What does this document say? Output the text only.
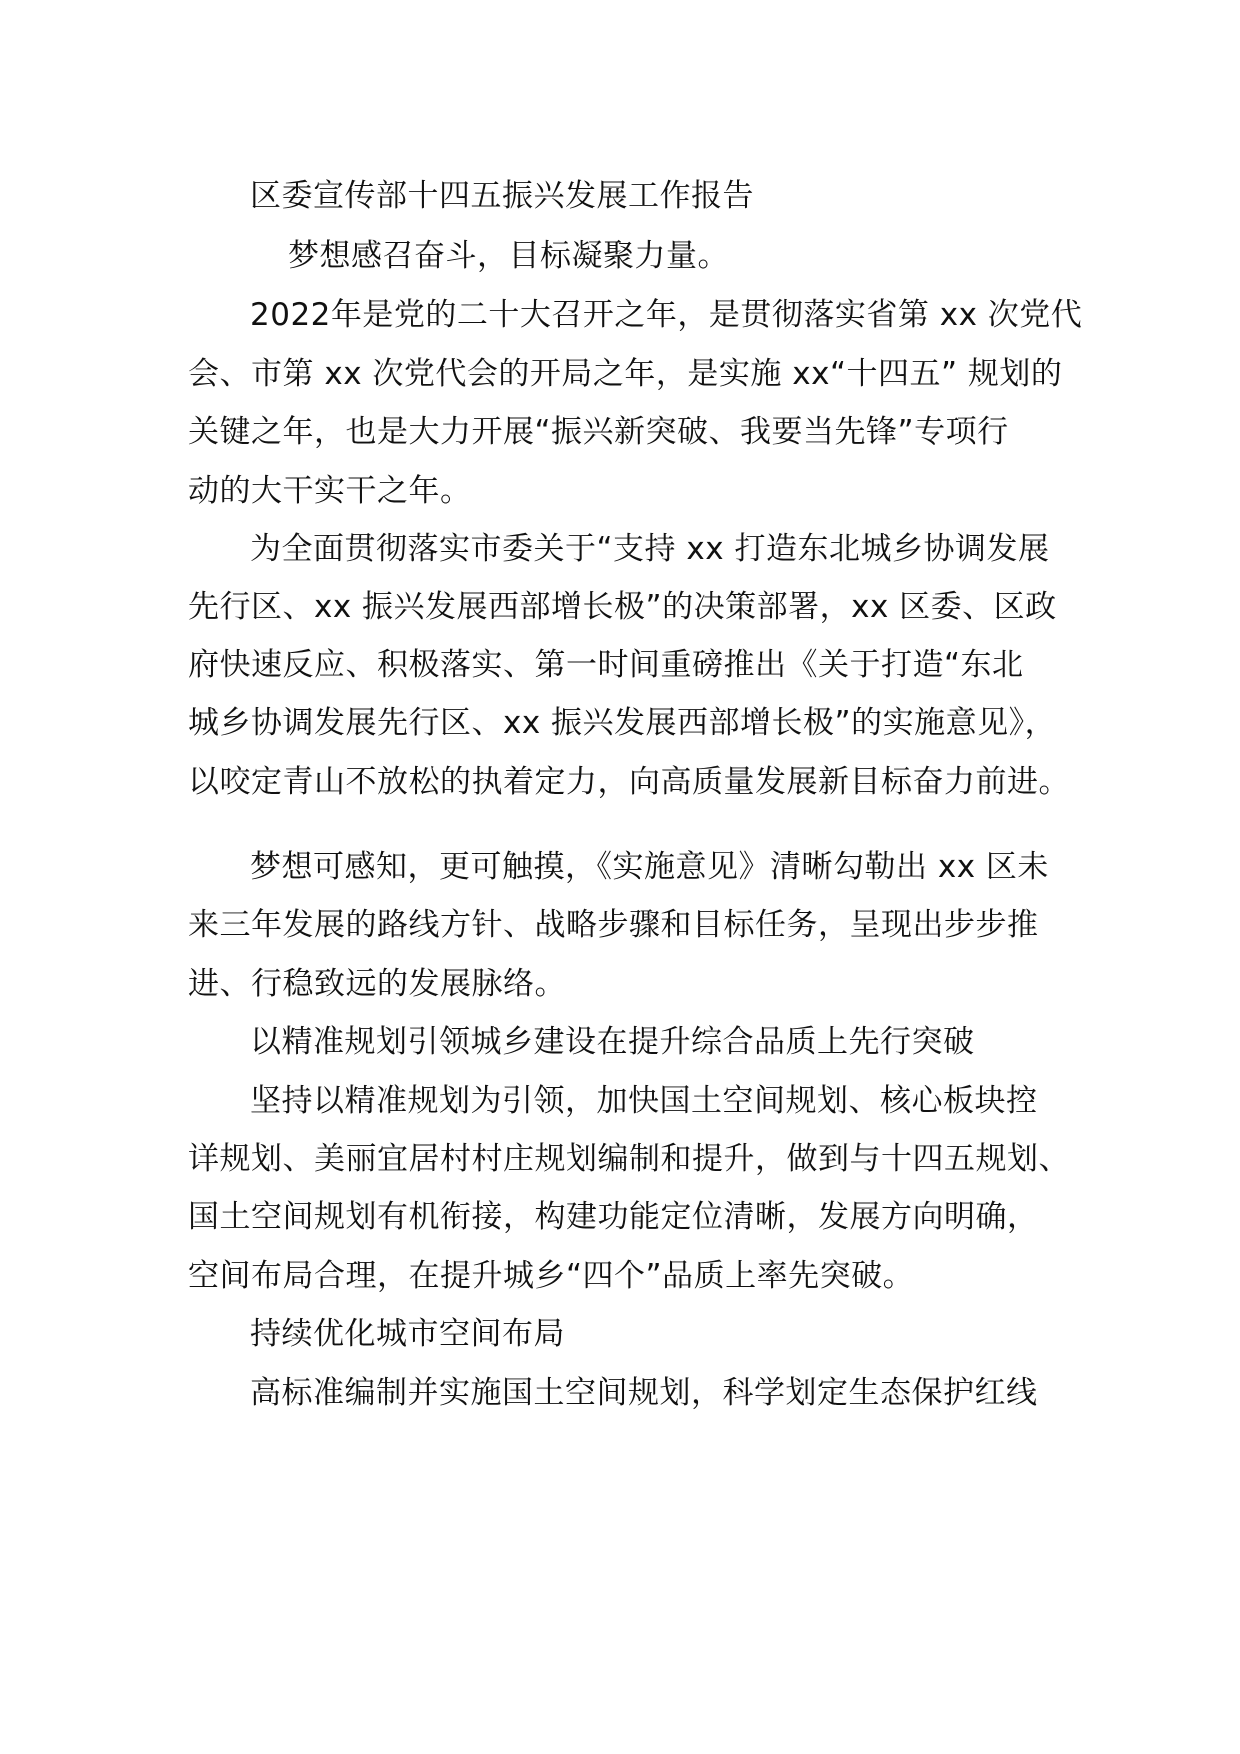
区委宣传部十四五振兴发展工作报告

梦想感召奋斗，目标凝聚力量。

2022年是党的二十大召开之年，是贯彻落实省第 xx 次党代

会、市第 xx 次党代会的开局之年，是实施 xx“十四五” 规划的

关键之年，也是大力开展“振兴新突破、我要当先锋”专项行

动的大干实干之年。

为全面贯彻落实市委关于“支持 xx 打造东北城乡协调发展

先行区、xx 振兴发展西部增长极”的决策部署，xx 区委、区政

府快速反应、积极落实、第一时间重磅推出《关于打造“东北

城乡协调发展先行区、xx 振兴发展西部增长极”的实施意见》，

以咬定青山不放松的执着定力，向高质量发展新目标奋力前进。

梦想可感知，更可触摸，《实施意见》清晰勾勒出 xx 区未

来三年发展的路线方针、战略步骤和目标任务，呈现出步步推

进、行稳致远的发展脉络。

以精准规划引领城乡建设在提升综合品质上先行突破

坚持以精准规划为引领，加快国土空间规划、核心板块控

详规划、美丽宜居村村庄规划编制和提升，做到与十四五规划、

国土空间规划有机衔接，构建功能定位清晰，发展方向明确，

空间布局合理，在提升城乡“四个”品质上率先突破。

持续优化城市空间布局

高标准编制并实施国土空间规划，科学划定生态保护红线
